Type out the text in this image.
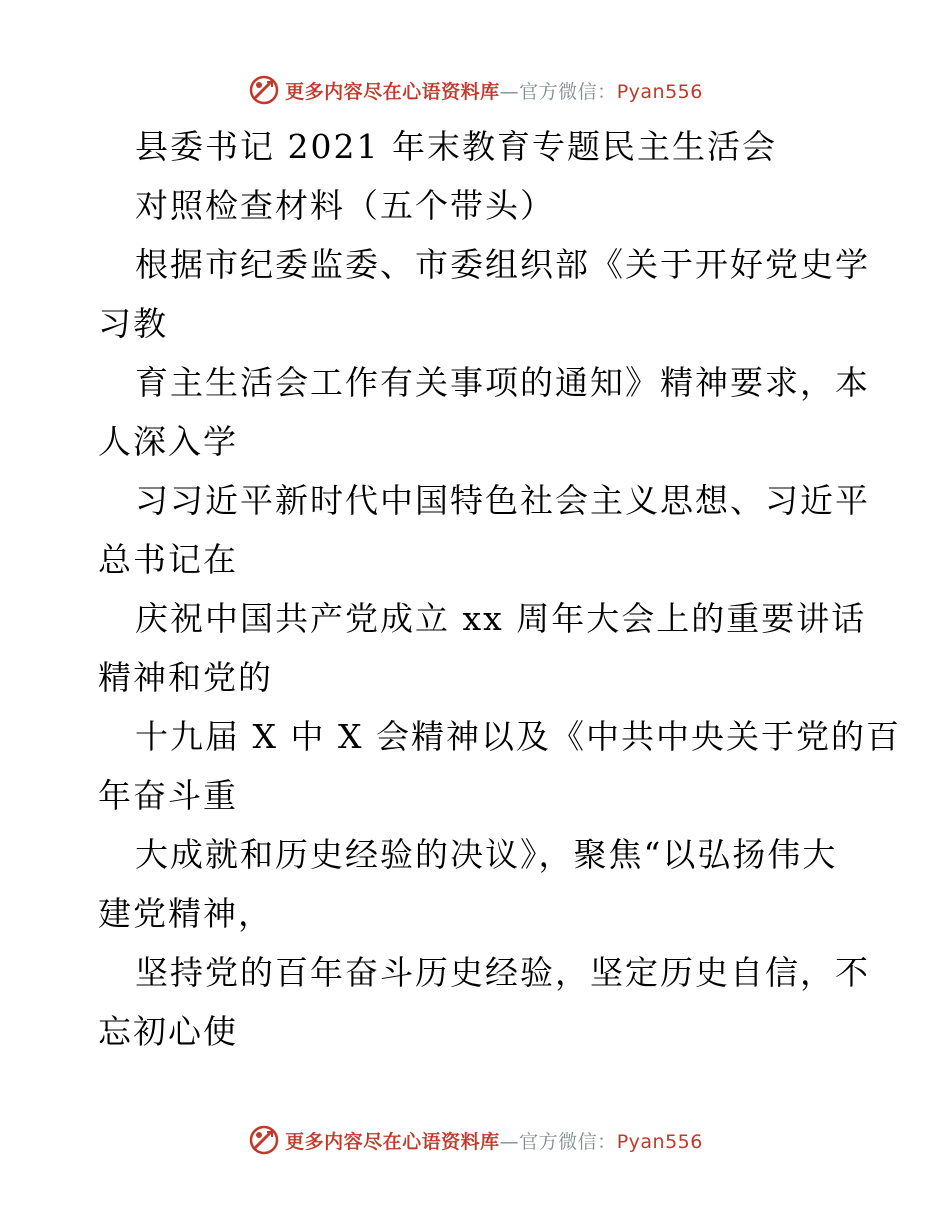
更多内容尽在心语资料库—官方微信：Pyan556
县委书记 2021 年末教育专题民主生活会
对照检查材料（五个带头）
根据市纪委监委、市委组织部《关于开好党史学
习教
育主生活会工作有关事项的通知》精神要求，本
人深入学
习习近平新时代中国特色社会主义思想、习近平
总书记在
庆祝中国共产党成立 xx 周年大会上的重要讲话
精神和党的
十九届 X 中 X 会精神以及《中共中央关于党的百
年奋斗重
大成就和历史经验的决议》，聚焦“以弘扬伟大
建党精神，
坚持党的百年奋斗历史经验，坚定历史自信，不
忘初心使
更多内容尽在心语资料库—官方微信：Pyan556
